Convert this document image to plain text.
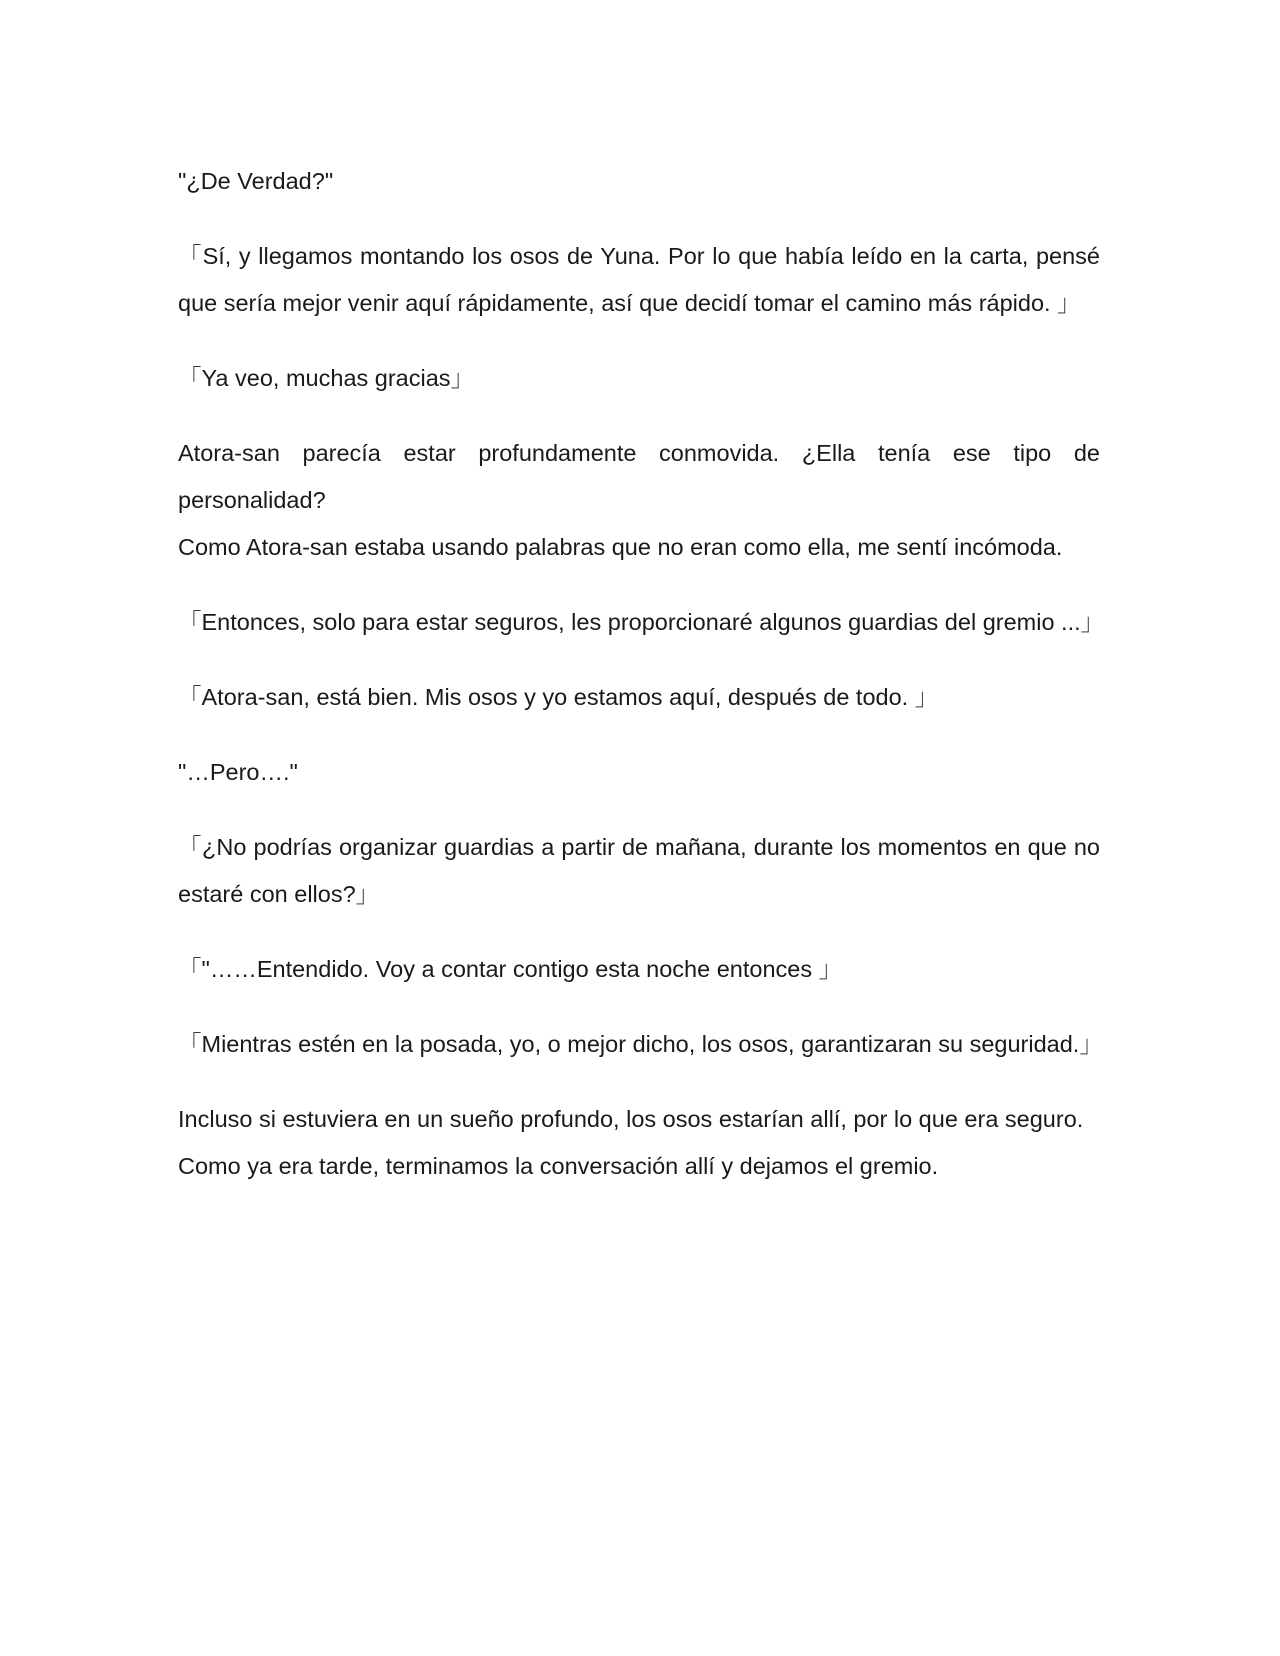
"¿De Verdad?"

「Sí, y llegamos montando los osos de Yuna. Por lo que había leído en la carta, pensé que sería mejor venir aquí rápidamente, así que decidí tomar el camino más rápido. 」

「Ya veo, muchas gracias」

Atora-san parecía estar profundamente conmovida. ¿Ella tenía ese tipo de personalidad?

Como Atora-san estaba usando palabras que no eran como ella, me sentí incómoda.

「Entonces, solo para estar seguros, les proporcionaré algunos guardias del gremio ...」

「Atora-san, está bien. Mis osos y yo estamos aquí, después de todo. 」

"…Pero…."

「¿No podrías organizar guardias a partir de mañana, durante los momentos en que no estaré con ellos?」

「"……Entendido. Voy a contar contigo esta noche entonces 」

「Mientras estén en la posada, yo, o mejor dicho, los osos, garantizaran su seguridad.」

Incluso si estuviera en un sueño profundo, los osos estarían allí, por lo que era seguro.

Como ya era tarde, terminamos la conversación allí y dejamos el gremio.
